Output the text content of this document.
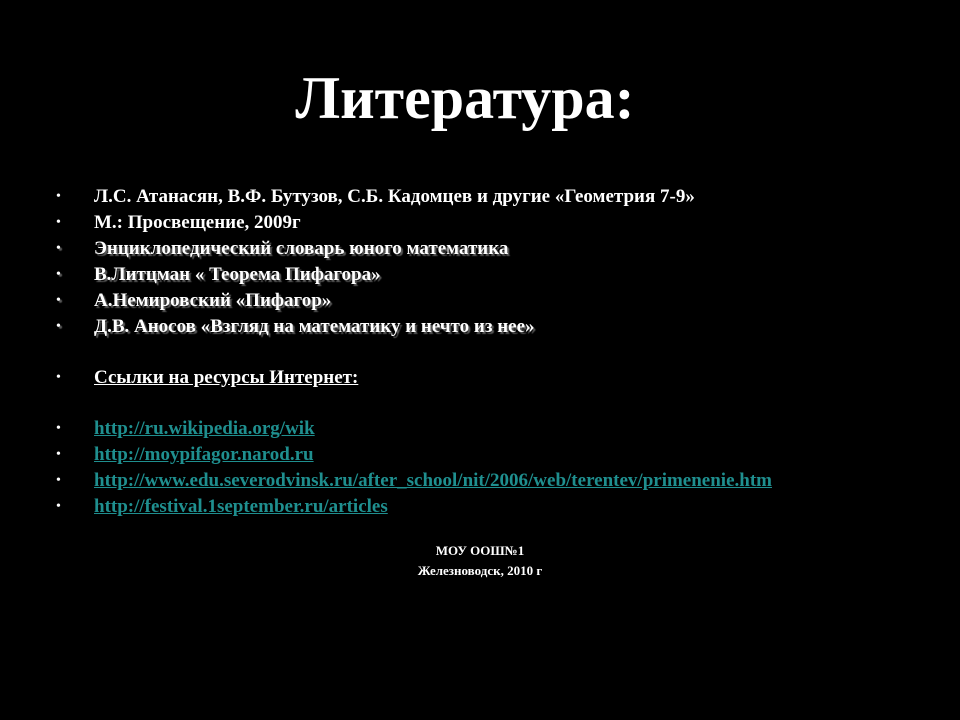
Литература:
•	Л.С. Атанасян, В.Ф. Бутузов, С.Б. Кадомцев и другие «Геометрия 7-9»
•	М.: Просвещение, 2009г
•	Энциклопедический словарь юного математика
•	В.Литцман « Теорема Пифагора»
•	А.Немировский «Пифагор»
•	Д.В. Аносов «Взгляд на математику и нечто из нее»
•	Ссылки на ресурсы Интернет:
•	http://ru.wikipedia.org/wik
•	http://moypifagor.narod.ru
•	http://www.edu.severodvinsk.ru/after_school/nit/2006/web/terentev/primenenie.htm
•	http://festival.1september.ru/articles
МОУ ООШ№1
Железноводск, 2010 г
